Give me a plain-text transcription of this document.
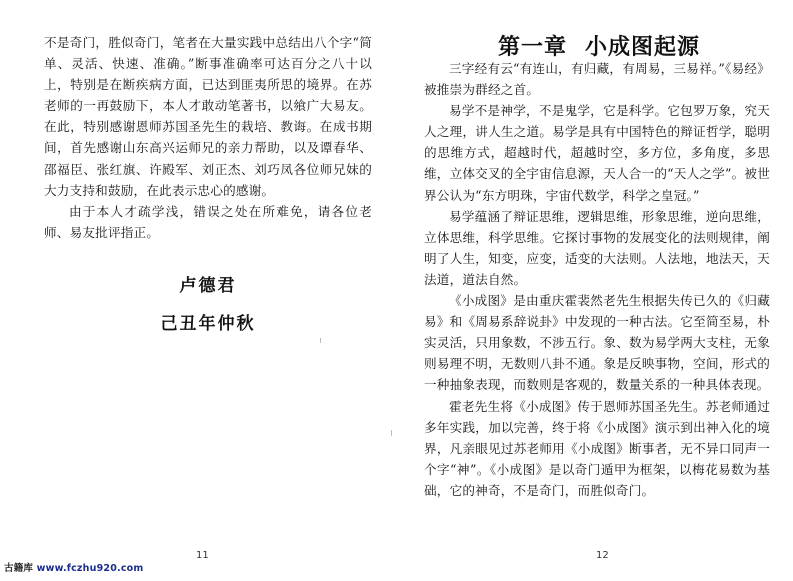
不是奇门，胜似奇门，笔者在大量实践中总结出八个字“简单、灵活、快速、准确。”断事准确率可达百分之八十以上，特别是在断疾病方面，已达到匪夷所思的境界。在苏老师的一再鼓励下，本人才敢动笔著书，以飨广大易友。在此，特别感谢恩师苏国圣先生的栽培、教诲。在成书期间，首先感谢山东高兴运师兄的亲力帮助，以及谭春华、邵福臣、张红旗、许殿军、刘正杰、刘巧凤各位师兄妹的大力支持和鼓励，在此表示忠心的感谢。

由于本人才疏学浅，错误之处在所难免，请各位老师、易友批评指正。

卢德君
己丑年仲秋
11
第一章 小成图起源

三字经有云“有连山，有归藏，有周易，三易祥。”《易经》被推崇为群经之首。

易学不是神学，不是鬼学，它是科学。它包罗万象，究天人之理，讲人生之道。易学是具有中国特色的辩证哲学，聪明的思维方式，超越时代，超越时空，多方位，多角度，多思维，立体交叉的全宇宙信息源，天人合一的“天人之学”。被世界公认为“东方明珠，宇宙代数学，科学之皇冠。”

易学蕴涵了辩证思维，逻辑思维，形象思维，逆向思维，立体思维，科学思维。它探讨事物的发展变化的法则规律，阐明了人生，知变，应变，适变的大法则。人法地，地法天，天法道，道法自然。

《小成图》是由重庆霍裴然老先生根据失传已久的《归藏易》和《周易系辞说卦》中发现的一种古法。它至简至易，朴实灵活，只用象数，不涉五行。象、数为易学两大支柱，无象则易理不明，无数则八卦不通。象是反映事物，空间，形式的一种抽象表现，而数则是客观的，数量关系的一种具体表现。

霍老先生将《小成图》传于恩师苏国圣先生。苏老师通过多年实践，加以完善，终于将《小成图》演示到出神入化的境界，凡亲眼见过苏老师用《小成图》断事者，无不异口同声一个字“神”。《小成图》是以奇门遁甲为框架，以梅花易数为基础，它的神奇，不是奇门，而胜似奇门。

12
古籍库 www.fczhu920.com
